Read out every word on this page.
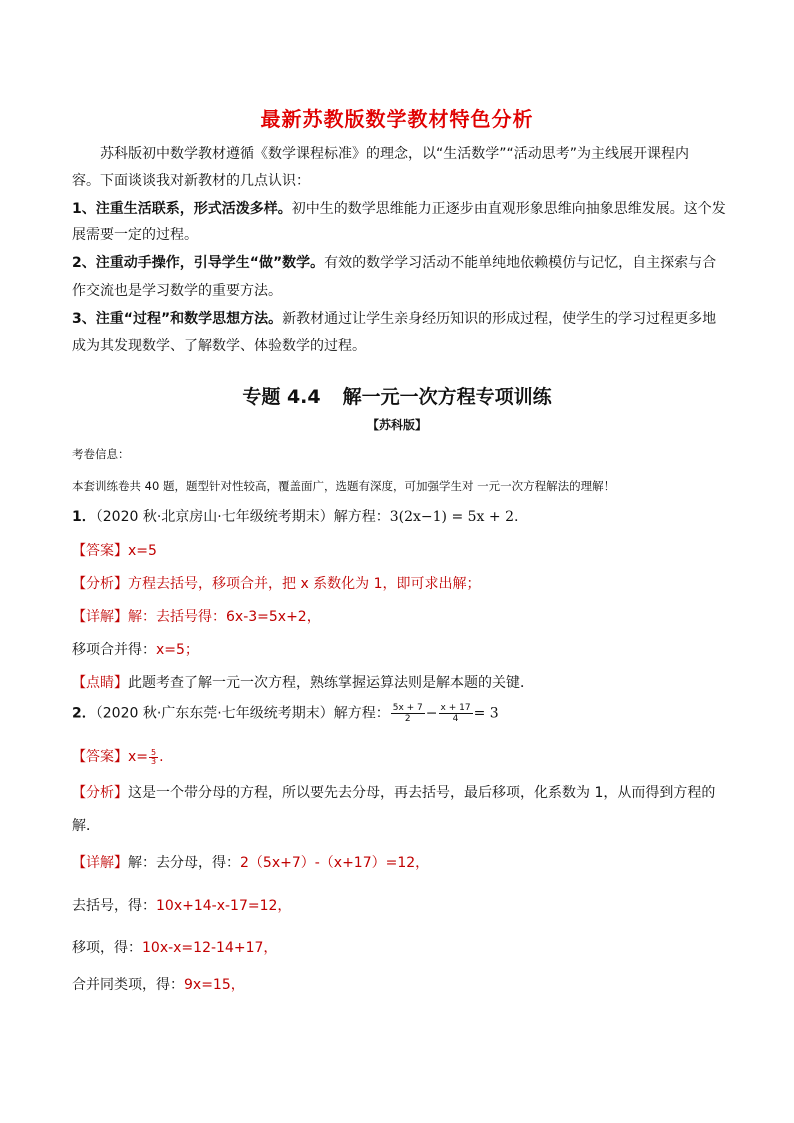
最新苏教版数学教材特色分析
苏科版初中数学教材遵循《数学课程标准》的理念，以“生活数学”“活动思考”为主线展开课程内
容。下面谈谈我对新教材的几点认识：
1、注重生活联系，形式活泼多样。初中生的数学思维能力正逐步由直观形象思维向抽象思维发展。这个发
展需要一定的过程。
2、注重动手操作，引导学生“做”数学。有效的数学学习活动不能单纯地依赖模仿与记忆，自主探索与合
作交流也是学习数学的重要方法。
3、注重“过程”和数学思想方法。新教材通过让学生亲身经历知识的形成过程，使学生的学习过程更多地
成为其发现数学、了解数学、体验数学的过程。
专题 4.4 解一元一次方程专项训练
【苏科版】
考卷信息：
本套训练卷共 40 题，题型针对性较高，覆盖面广，选题有深度，可加强学生对 一元一次方程解法的理解！
1．（2020 秋·北京房山·七年级统考期末）解方程：3(2x−1) = 5x + 2.
【答案】x=5
【分析】方程去括号，移项合并，把 x 系数化为 1，即可求出解；
【详解】解：去括号得：6x-3=5x+2，
移项合并得：x=5；
【点睛】此题考查了解一元一次方程，熟练掌握运算法则是解本题的关键．
2．（2020 秋·广东东莞·七年级统考期末）解方程： $\frac{5x + 7}{2} - \frac{x + 17}{4} = 3$
【答案】$x= \frac{5}{3}$ .
【分析】这是一个带分母的方程，所以要先去分母，再去括号，最后移项，化系数为 1，从而得到方程的
解．
【详解】解：去分母，得：2（5x+7）-（x+17）=12，
去括号，得：10x+14-x-17=12，
移项，得：10x-x=12-14+17，
合并同类项，得：9x=15，
